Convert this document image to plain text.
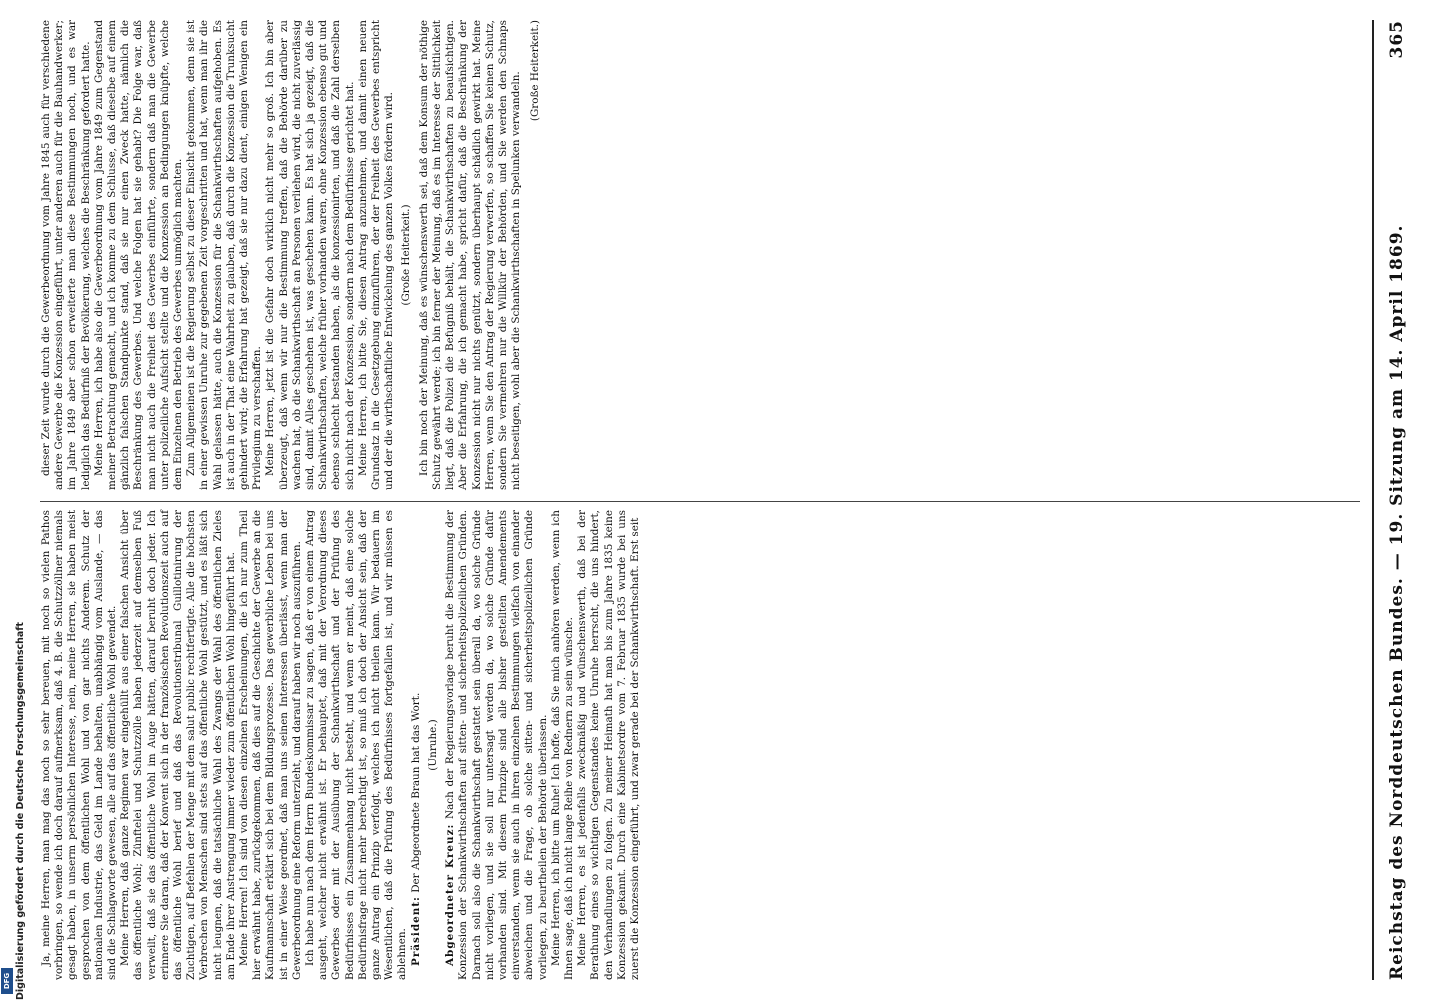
Reichstag des Norddeutschen Bundes. — 19. Sitzung am 14. April 1869.
365

Ja, meine Herren, man mag das noch so sehr bereuen, mit noch so vielen Pathos vorbringen, so wende ich doch darauf aufmerksam, daß 4. B. die Schutzzöllner niemals gesagt haben, in unserm persönlichen Interesse, nein, meine Herren, sie haben meist gesprochen von dem öffentlichen Wohl und von gar nichts Anderem. Schutz der nationalen Industrie, das Geld im Lande behalten, unabhängig vom Auslande, — das sind die Schlagworte gewesen, alle auf das öffentliche Wohl gewendet. Meine Herren, daß ganze Regimen war eingehüllt aus einer falschen Ansicht über das öffentliche Wohl; Zünftelei und Schutzzölle haben jederzeit auf demselben Fuß verweilt, daß sie das öffentliche Wohl im Auge hätten, darauf beruht doch jeder. Ich erinnere Sie daran, daß der Konvent sich in der französischen Revolutionszeit auch auf das öffentliche Wohl berief und daß das Revolutionstribunal Guillotinirung der Zuchtigen, auf Befehlen der Menge mit dem salut public rechtfertigte. Alle die höchsten Verbrechen von Menschen sind stets auf das öffentliche Wohl gestützt, und es läßt sich nicht leugnen, daß die tatsächliche Wahl des Zwangs der Wahl des öffentlichen Zieles am Ende ihrer Anstrengung immer wieder zum öffentlichen Wohl hingeführt hat. Meine Herren! Ich sind von diesen einzelnen Erscheinungen, die ich nur zum Theil hier erwähnt habe, zurückgekommen, daß dies auf die Geschichte der Gewerbe an die Kaufmannschaft erklärt sich bei dem Bildungsprozesse. Das gewerbliche Leben bei uns ist in einer Weise geordnet, daß man uns seinen Interessen überlässt, wenn man der Gewerbeordnung eine Reform unterzieht, und darauf haben wir noch auszuführen. Ich habe nun nach dem Herrn Bundeskommissar zu sagen, daß er von einem Antrag ausgeht, welcher nicht erwähnt ist. Er behauptet, daß mit der Verordnung dieses Gewerbes oder mit der Ausübung der Schankwirthschaft und der Prüfung des Bedürfnisses ein Zusammenhang nicht besteht, und wenn er meint, daß eine solche Bedürfnisfrage nicht mehr berechtigt ist, so muß ich doch der Ansicht sein, daß der ganze Antrag ein Prinzip verfolgt, welches ich nicht theilen kann. Wir bedauern im Wesentlichen, daß die Prüfung des Bedürfnisses fortgefallen ist, und wir müssen es ablehnen. Präsident: Der Abgeordnete Braun hat das Wort. (Unruhe.)

Abgeordneter Kreuz: Nach der Regierungsvorlage beruht die Bestimmung der Konzession der Schankwirthschaften auf sitten- und sicherheitspolizeilichen Gründen. Darnach soll also die Schankwirthschaft gestattet sein überall da, wo solche Gründe nicht vorliegen, und sie soll nur untersagt werden da, wo solche Gründe dafür vorhanden sind. Mit diesem Prinzipe sind alle bisher gestellten Amendements einverstanden, wenn sie auch in ihren einzelnen Bestimmungen vielfach von einander abweichen und die Frage, ob solche sitten- und sicherheitspolizeilichen Gründe vorliegen, zu beurtheilen der Behörde überlassen. Meine Herren, ich bitte um Ruhe! Ich hoffe, daß Sie mich anhören werden, wenn ich Ihnen sage, daß ich nicht lange Reihe von Rednern zu sein wünsche. Meine Herren, es ist jedenfalls zweckmäßig und wünschenswerth, daß bei der Berathung eines so wichtigen Gegenstandes keine Unruhe herrscht, die uns hindert, den Verhandlungen zu folgen. Zu meiner Heimath hat man bis zum Jahre 1835 keine Konzession gekannt. Durch eine Kabinetsordre vom 7. Februar 1835 wurde bei uns zuerst die Konzession eingeführt, und zwar gerade bei der Schankwirthschaft. Erst seit

dieser Zeit wurde durch die Gewerbeordnung vom Jahre 1845 auch für verschiedene andere Gewerbe die Konzession eingeführt, unter anderen auch für die Bauhandwerker; im Jahre 1849 aber schon erweiterte man diese Bestimmungen noch, und es war lediglich das Bedürfniß der Bevölkerung, welches die Beschränkung gefordert hatte. Meine Herren, ich habe also die Gewerbeordnung vom Jahre 1849 zum Gegenstand meiner Betrachtung gemacht, und ich komme zu dem Schlusse, daß dieselbe auf einem gänzlich falschen Standpunkte stand, daß sie nur einen Zweck hatte, nämlich die Beschränkung des Gewerbes. Und welche Folgen hat sie gehabt? Die Folge war, daß man nicht auch die Freiheit des Gewerbes einführte, sondern daß man die Gewerbe unter polizeiliche Aufsicht stellte und die Konzession an Bedingungen knüpfte, welche dem Einzelnen den Betrieb des Gewerbes unmöglich machten. Zum Allgemeinen ist die Regierung selbst zu dieser Einsicht gekommen, denn sie ist in einer gewissen Unruhe zur gegebenen Zeit vorgeschritten und hat, wenn man ihr die Wahl gelassen hätte, auch die Konzession für die Schankwirthschaften aufgehoben. Es ist auch in der That eine Wahrheit zu glauben, daß durch die Konzession die Trunksucht gehindert wird; die Erfahrung hat gezeigt, daß sie nur dazu dient, einigen Wenigen ein Privilegium zu verschaffen. Meine Herren, jetzt ist die Gefahr doch wirklich nicht mehr so groß. Ich bin aber überzeugt, daß wenn wir nur die Bestimmung treffen, daß die Behörde darüber zu wachen hat, ob die Schankwirthschaft an Personen verliehen wird, die nicht zuverlässig sind, damit Alles geschehen ist, was geschehen kann. Es hat sich ja gezeigt, daß die Schankwirthschaften, welche früher vorhanden waren, ohne Konzession ebenso gut und ebenso schlecht bestanden haben, als die konzessionirten, und daß die Zahl derselben sich nicht nach der Konzession, sondern nach dem Bedürfnisse gerichtet hat. Meine Herren, ich bitte Sie, diesen Antrag anzunehmen, und damit einen neuen Grundsatz in die Gesetzgebung einzuführen, der der Freiheit des Gewerbes entspricht und der die wirthschaftliche Entwickelung des ganzen Volkes fördern wird. (Große Heiterkeit.) Ich bin noch der Meinung, daß es wünschenswerth sei, daß dem Konsum der nöthige Schutz gewährt werde; ich bin ferner der Meinung, daß es im Interesse der Sittlichkeit liegt, daß die Polizei die Befugniß behält, die Schankwirthschaften zu beaufsichtigen. Aber die Erfahrung, die ich gemacht habe, spricht dafür, daß die Beschränkung der Konzession nicht nur nichts genützt, sondern überhaupt schädlich gewirkt hat. Meine Herren, wenn Sie den Antrag der Regierung verwerfen, so schaffen Sie keinen Schutz, sondern Sie vermehren nur die Willkür der Behörden, und Sie werden den Schnaps nicht beseitigen, wohl aber die Schankwirthschaften in Spelunken verwandeln.

(Große Heiterkeit.)

Digitalisierung gefördert durch die Deutsche Forschungsgemeinschaft
DFG
